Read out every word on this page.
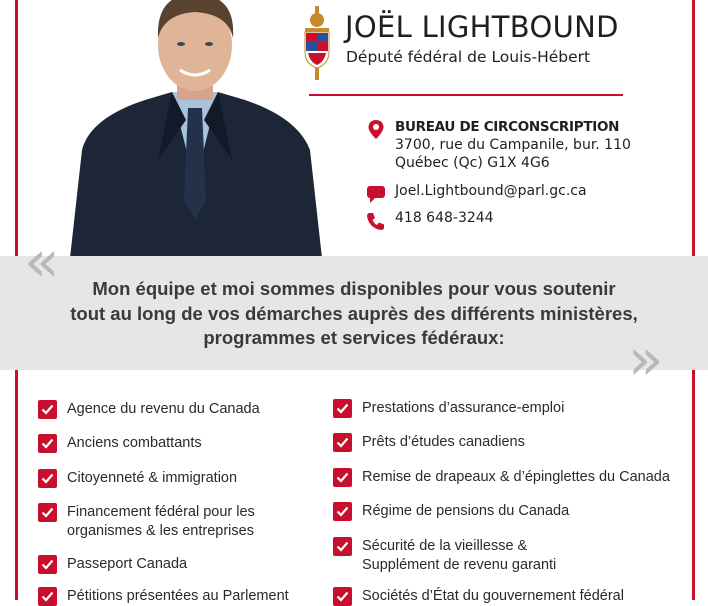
JOËL LIGHTBOUND
Député fédéral de Louis-Hébert
BUREAU DE CIRCONSCRIPTION
3700, rue du Campanile, bur. 110
Québec (Qc) G1X 4G6
Joel.Lightbound@parl.gc.ca
418 648-3244
«
»
Mon équipe et moi sommes disponibles pour vous soutenir
tout au long de vos démarches auprès des différents ministères,
programmes et services fédéraux:
Agence du revenu du Canada
Anciens combattants
Citoyenneté & immigration
Financement fédéral pour les
organismes & les entreprises
Passeport Canada
Pétitions présentées au Parlement
Prestations d’assurance-emploi
Prêts d’études canadiens
Remise de drapeaux & d’épinglettes du Canada
Régime de pensions du Canada
Sécurité de la vieillesse &
Supplément de revenu garanti
Sociétés d’État du gouvernement fédéral
